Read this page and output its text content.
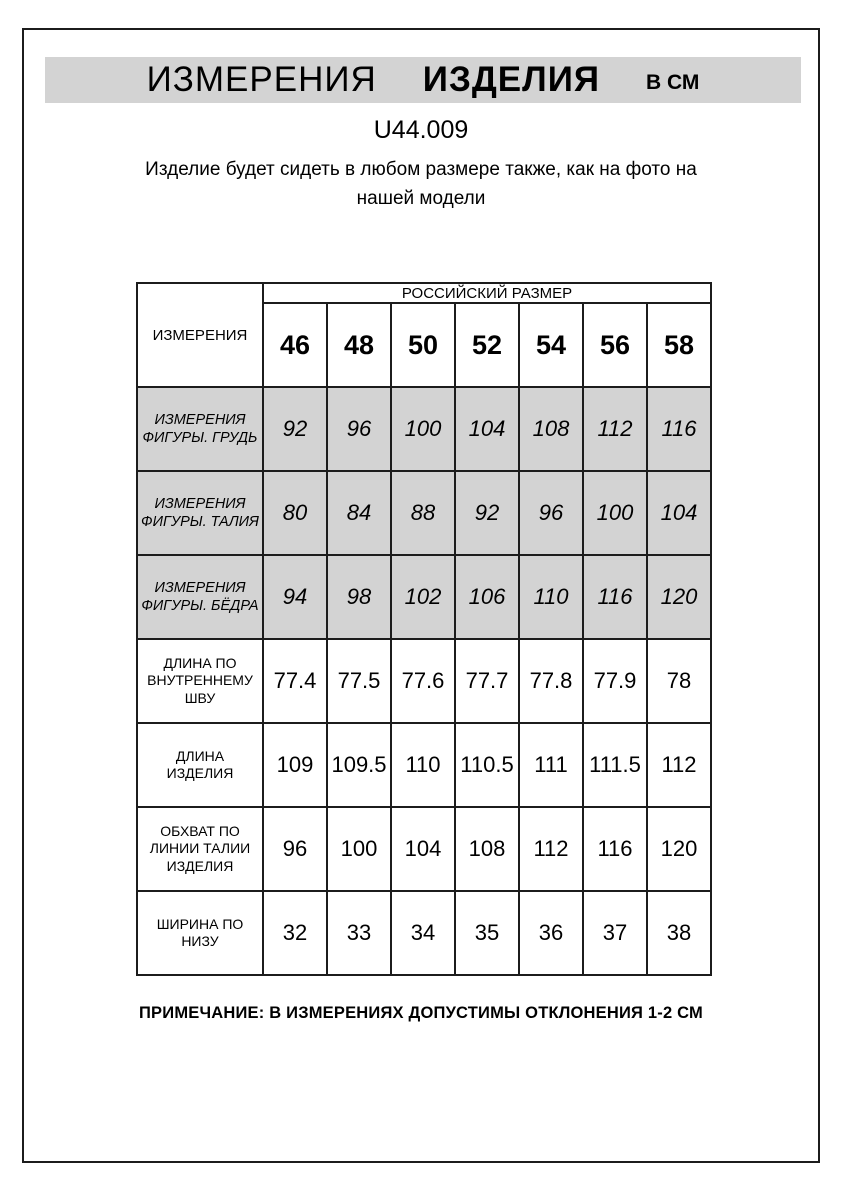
ИЗМЕРЕНИЯ ИЗДЕЛИЯ В СМ
U44.009
Изделие будет сидеть в любом размере также, как на фото на
нашей модели
ИЗМЕРЕНИЯ	РОССИЙСКИЙ РАЗМЕР						
	46	48	50	52	54	56	58
ИЗМЕРЕНИЯ ФИГУРЫ. ГРУДЬ	92	96	100	104	108	112	116
ИЗМЕРЕНИЯ ФИГУРЫ. ТАЛИЯ	80	84	88	92	96	100	104
ИЗМЕРЕНИЯ ФИГУРЫ. БЁДРА	94	98	102	106	110	116	120
ДЛИНА ПО ВНУТРЕННЕМУ ШВУ	77.4	77.5	77.6	77.7	77.8	77.9	78
ДЛИНА ИЗДЕЛИЯ	109	109.5	110	110.5	111	111.5	112
ОБХВАТ ПО ЛИНИИ ТАЛИИ ИЗДЕЛИЯ	96	100	104	108	112	116	120
ШИРИНА ПО НИЗУ	32	33	34	35	36	37	38
ПРИМЕЧАНИЕ: В ИЗМЕРЕНИЯХ ДОПУСТИМЫ ОТКЛОНЕНИЯ 1-2 СМ
